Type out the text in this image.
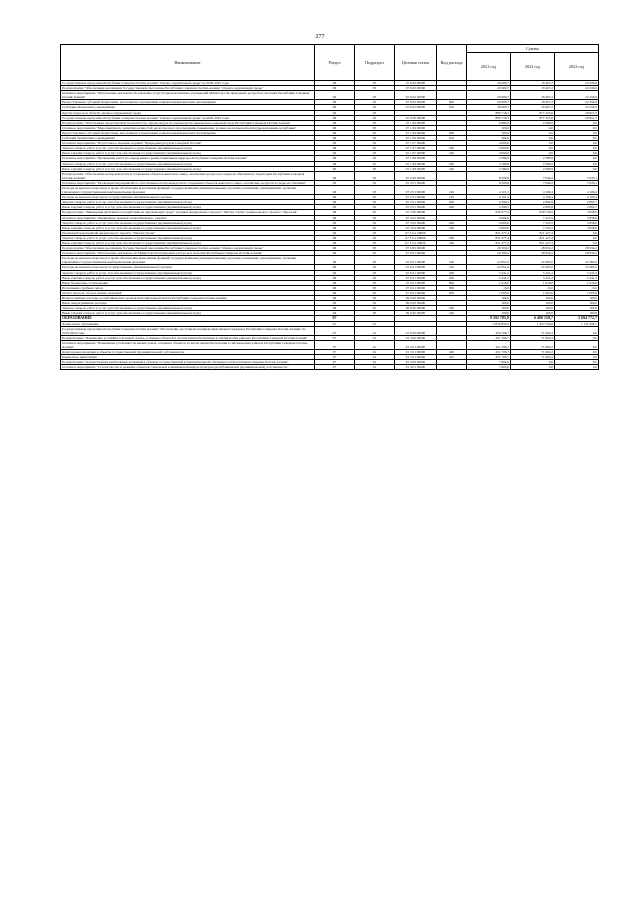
277
Наименование	Раздел	Подраздел	Целевая статья	Вид расхода	Суммы		
					2021 год	2022 год	2023 год
Государственная программа Республики Северная Осетия-Алания "Охрана окружающей среды" на 2020-2025 годы	06	05	07 0 00 00000		26 909,7	18 467,2	22 436,9
Подпрограмма "Обеспечение реализации Государственной программы Республики Северная Осетия-Алания "Охрана окружающей среды"	06	05	07 6 00 00000		26 909,7	18 467,2	22 436,9
Основное мероприятие "Обеспечение деятельности (оказание услуг) подведомственных учреждений Министерства природных ресурсов и экологии Республики Северная Осетия-Алания"	06	05	07 6 02 00000		26 909,7	18 467,2	22 436,9
Предоставление субсидий бюджетным, автономным учреждениям и иным некоммерческим организациям	06	05	07 6 02 00000	600	26 909,7	18 467,2	22 436,9
Субсидии бюджетным учреждениям	06	05	07 6 02 00000	610	26 909,7	18 467,2	22 436,9
Другие вопросы в области охраны окружающей среды	06	05			880 718,3	877 323,6	29 821,3
Государственная программа Республики Северная Осетия-Алания "Охрана окружающей среды" на 2020-2025 годы	06	05	07 0 00 00000		880 718,3	877 323,6	29 821,3
Подпрограмма "Обеспечение экологической безопасности, охрана недр и воспроизводство минерально-сырьевой базы Республики Северная Осетия-Алания"	06	05	07 1 00 00000		6 889,9	2 589,9	0,0
Основное мероприятие "Мероприятия по развитию ценностей экологического просвещения, повышению уровня экологической культуры населения республики"	06	05	07 1 06 00000		100,0	0,0	0,0
Предоставление субсидий бюджетным, автономным учреждениям и иным некоммерческим организациям	06	05	07 1 06 00000	600	300,0	0,0	0,0
Субсидии бюджетным учреждениям	06	05	07 1 06 00000	610	300,0	0,0	0,0
Основное мероприятие "Подготовка к изданию издания "Природные ресурсы Северной Осетии"	06	05	07 1 07 00000		4 000,0	0,0	0,0
Закупка товаров, работ и услуг для обеспечения государственных (муниципальных) нужд	06	05	07 1 07 00000	200	4 000,0	0,0	0,0
Иные закупки товаров, работ и услуг для обеспечения государственных (муниципальных) нужд	06	05	07 1 07 00000	240	4 000,0	0,0	0,0
Основное мероприятие "Проведение работ по определению границ памятников природы Республики Северная Осетия-Алания"	06	05	07 1 08 00000		2 589,9	2 589,9	0,0
Закупка товаров, работ и услуг для обеспечения государственных (муниципальных) нужд	06	05	07 1 08 00000	200	2 589,9	2 589,9	0,0
Иные закупки товаров, работ и услуг для обеспечения государственных (муниципальных) нужд	06	05	07 1 08 00000	240	2 589,9	2 589,9	0,0
Подпрограмма "Обеспечение воспроизводства и сохранения объектов животного мира, охотничьих ресурсов и среды их обитания на территории Республики Северная Осетия-Алания"	06	05	07 2 00 00000		8 500,8	7 049,2	7 029,1
Основное мероприятие "Реализация мероприятий по обеспечению воспроизводства и сохранения объектов животного мира, охотничьих ресурсов и среды их обитания"	06	05	07 2 01 00000		8 500,8	7 049,2	7 029,1
Расходы на выплаты персоналу в целях обеспечения выполнения функций государственными (муниципальными) органами, казенными учреждениями, органами управления государственными внебюджетными фондами	06	05	07 2 01 00000	100	4 101,3	4 166,4	4 166,4
Расходы на выплаты персоналу государственных (муниципальных) органов	06	05	07 2 01 00000	120	4 101,3	4 166,4	4 166,4
Закупка товаров, работ и услуг для обеспечения государственных (муниципальных) нужд	06	05	07 2 01 00000	200	4 399,5	2 882,8	2 862,7
Иные закупки товаров, работ и услуг для обеспечения государственных (муниципальных) нужд	06	05	07 2 01 00000	240	4 399,5	2 882,8	2 862,7
Подпрограмма "Ликвидация негативного воздействия на окружающую среду" в рамках федерального проекта "Чистая страна" национального проекта "Экология"	06	05	07 3 00 00000		836 077,4	828 750,9	3 858,0
Основное мероприятие "Ликвидация тракового накопительного ущерба"	06	05	07 3 02 00000		4 600,0	7 323,5	3 858,0
Закупка товаров, работ и услуг для обеспечения государственных (муниципальных) нужд	06	05	07 3 02 00000	200	4 600,0	7 323,5	3 858,0
Иные закупки товаров, работ и услуг для обеспечения государственных (муниципальных) нужд	06	05	07 3 02 00000	240	4 600,0	7 323,5	3 858,0
Реализация мероприятий федерального проекта "Чистая страна"	06	05	07 3 G1 00000		831 477,4	821 427,4	0,0
Закупка товаров, работ и услуг для обеспечения государственных (муниципальных) нужд	06	05	07 3 G1 00000	200	831 477,4	821 427,4	0,0
Иные закупки товаров, работ и услуг для обеспечения государственных (муниципальных) нужд	06	05	07 3 G1 00000	240	831 477,4	821 427,4	0,0
Подпрограмма "Обеспечение реализации Государственной программы Республики Северная Осетия-Алания "Охрана окружающей среды"	06	05	07 6 00 00000		29 300,2	28 934,2	28 934,2
Основное мероприятие "Обеспечение деятельности Министерства природных ресурсов и экологии Республики Северная Осетия-Алания"	06	05	07 6 01 00000		29 300,2	28 934,2	28 934,2
Расходы на выплаты персоналу в целях обеспечения выполнения функций государственными (муниципальными) органами, казенными учреждениями, органами управления государственными внебюджетными фондами	06	05	07 6 01 00000	100	22 851,0	22 485,0	22 485,0
Расходы на выплаты персоналу государственных (муниципальных) органов	06	05	07 6 01 00000	120	22 851,0	22 485,0	22 485,0
Закупка товаров, работ и услуг для обеспечения государственных (муниципальных) нужд	06	05	07 6 01 00000	200	5 431,2	5 431,2	5 431,2
Иные закупки товаров, работ и услуг для обеспечения государственных (муниципальных) нужд	06	05	07 6 01 00000	240	5 431,2	5 431,2	5 431,2
Иные бюджетные ассигнования	06	05	07 6 01 00000	800	1 018,0	1 018,0	1 018,0
Исполнение судебных актов	06	05	07 6 01 00000	830	13,0	13,0	13,0
Уплата налогов, сборов и иных платежей	06	05	07 6 01 00000	850	1 005,0	1 005,0	1 005,0
Непрограммные расходы республиканских органов исполнительной власти Республики Северная Осетия-Алания	06	05	99 0 00 00000		100,0	100,0	100,0
Иные непрограммные расходы	06	05	99 9 00 00000		100,0	100,0	100,0
Закупка товаров, работ и услуг для обеспечения государственных (муниципальных) нужд	06	05	99 9 00 00000	200	100,0	100,0	100,0
Иные закупки товаров, работ и услуг для обеспечения государственных (муниципальных) нужд	06	05	99 9 00 00000	240	100,0	100,0	100,0
ОБРАЗОВАНИЕ	07				9 592 785,8	6 480 159,7	5 694 772,7
Дошкольное образование	07	01			2 859 859,2	1 297 556,8	1 147 998,7
Государственная программа Республики Северная Осетия-Алания "Обеспечение доступным и комфортным жильем граждан в Республике Северная Осетия-Алания" на 2016-2024 годы	07	01	01 0 00 00000		459 706,7	71 692,2	0,0
Подпрограмма "Повышение устойчивости жилых домов, основных объектов и систем жизнеобеспечения в сейсмических районах Республики Северная Осетия-Алания"	07	01	01 3 00 00000		451 706,7	71 692,2	0,0
Основное мероприятие "Повышение устойчивости жилых домов, основных объектов и систем жизнеобеспечения в сейсмических районах Республики Северная Осетия-Алания"	07	01	01 3 01 00000		451 706,7	71 692,2	0,0
Капитальные вложения в объекты государственной (муниципальной) собственности	07	01	01 3 01 00000	400	451 706,7	71 692,2	0,0
Бюджетные инвестиции	07	01	01 3 01 00000	410	451 706,7	71 692,2	0,0
Подпрограмма "Осуществление капитальных вложений в объекты государственной и муниципальной собственности Республики Северная Осетия-Алания"	07	01	01 4 00 00000		7 800,0	0,0	0,0
Основное мероприятие "Строительство и развитие объектов социальной и инженерной инфраструктуры республиканской (муниципальной) собственности"	07	01	01 4 01 00000		7 800,0	0,0	0,0
